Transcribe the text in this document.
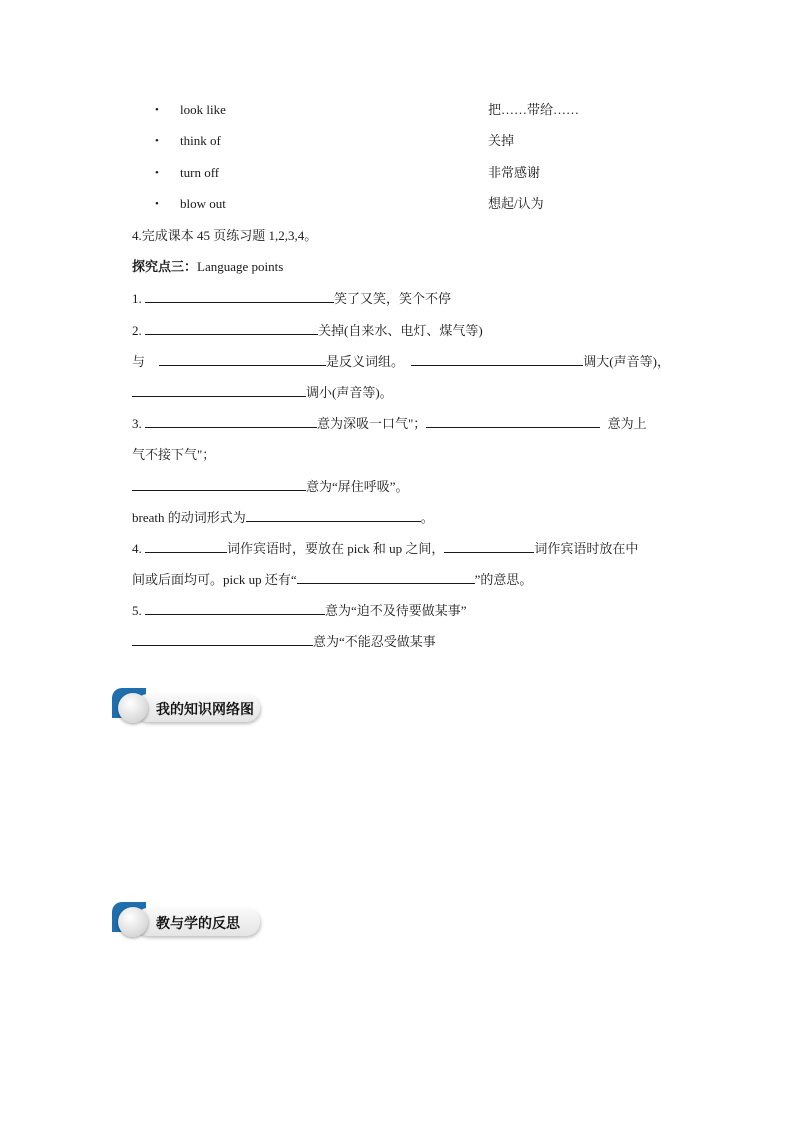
• look like	把……带给……
• think of	关掉
• turn off	非常感谢
• blow out	想起/认为
4.完成课本 45 页练习题 1,2,3,4。
探究点三：Language points
1.	笑了又笑，笑个不停
2.	关掉(自来水、电灯、煤气等)
与	是反义词组。	调大(声音等)，
调小(声音等)。
3.	意为深吸一口气"；	意为上
气不接下气"；
意为“屏住呼吸”。
breath 的动词形式为	。
4.	词作宾语时，要放在 pick 和 up 之间，	词作宾语时放在中
间或后面均可。pick up 还有“	”的意思。
5.	意为“迫不及待要做某事”
意为“不能忍受做某事
我的知识网络图
教与学的反思
